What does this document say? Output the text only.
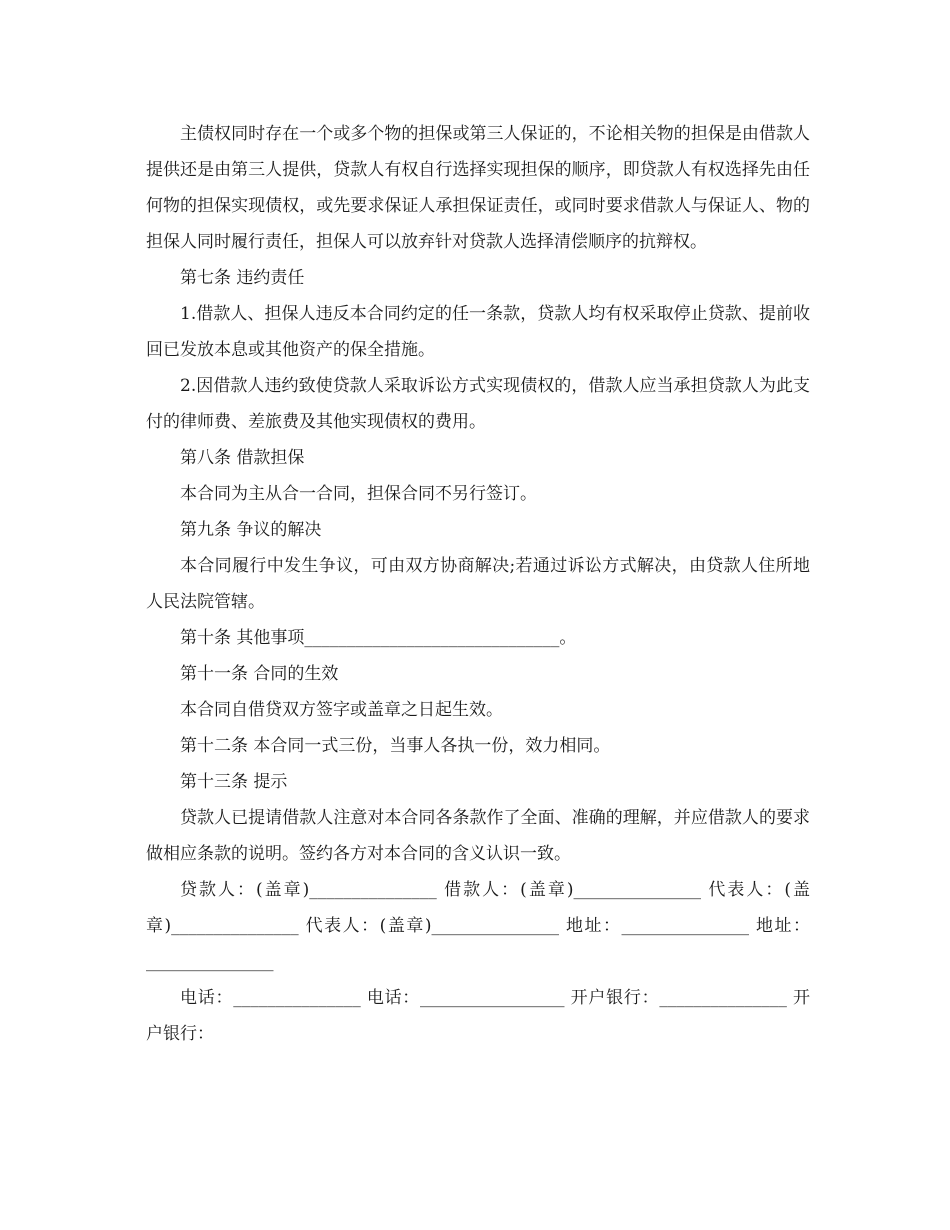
主债权同时存在一个或多个物的担保或第三人保证的，不论相关物的担保是由借款人提供还是由第三人提供，贷款人有权自行选择实现担保的顺序，即贷款人有权选择先由任何物的担保实现债权，或先要求保证人承担保证责任，或同时要求借款人与保证人、物的担保人同时履行责任，担保人可以放弃针对贷款人选择清偿顺序的抗辩权。

第七条 违约责任

1.借款人、担保人违反本合同约定的任一条款，贷款人均有权采取停止贷款、提前收回已发放本息或其他资产的保全措施。

2.因借款人违约致使贷款人采取诉讼方式实现债权的，借款人应当承担贷款人为此支付的律师费、差旅费及其他实现债权的费用。

第八条 借款担保

本合同为主从合一合同，担保合同不另行签订。

第九条 争议的解决

本合同履行中发生争议，可由双方协商解决;若通过诉讼方式解决，由贷款人住所地人民法院管辖。

第十条 其他事项______________________________。

第十一条 合同的生效

本合同自借贷双方签字或盖章之日起生效。

第十二条 本合同一式三份，当事人各执一份，效力相同。

第十三条 提示

贷款人已提请借款人注意对本合同各条款作了全面、准确的理解，并应借款人的要求做相应条款的说明。签约各方对本合同的含义认识一致。

贷款人：(盖章)_______________ 借款人：(盖章)_______________ 代表人：(盖章)_______________ 代表人：(盖章)_______________ 地址：_______________ 地址：_______________

电话：_______________ 电话：_________________ 开户银行：_______________ 开户银行：
